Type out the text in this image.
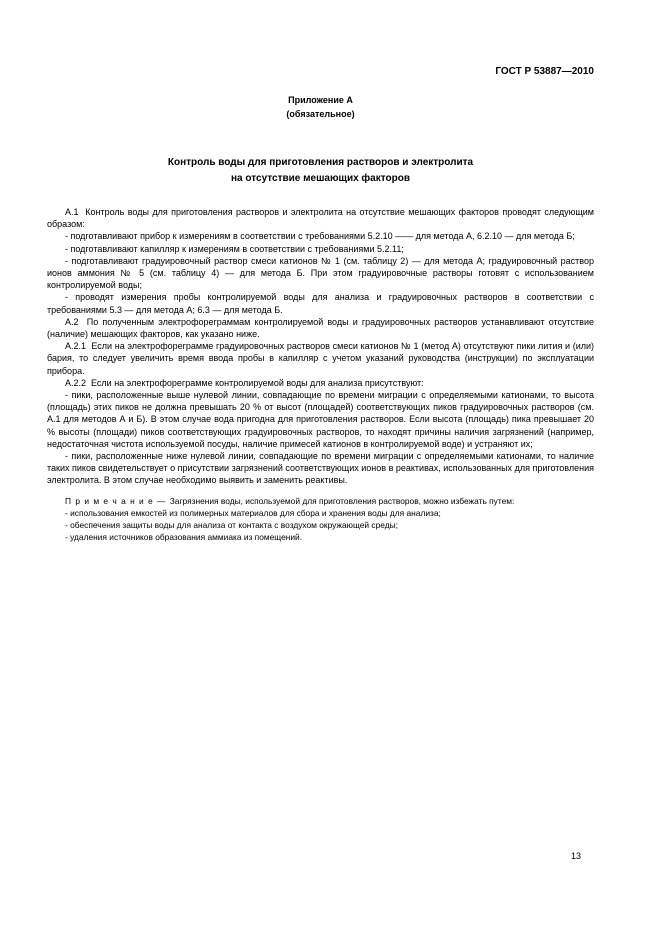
ГОСТ Р 53887—2010
Приложение А
(обязательное)
Контроль воды для приготовления растворов и электролита
на отсутствие мешающих факторов

А.1  Контроль воды для приготовления растворов и электролита на отсутствие мешающих факторов проводят следующим образом:

- подготавливают прибор к измерениям в соответствии с требованиями 5.2.10 —— для метода А, 6.2.10 — для метода Б;

- подготавливают капилляр к измерениям в соответствии с требованиями 5.2.11;

- подготавливают градуировочный раствор смеси катионов № 1 (см. таблицу 2) — для метода А; градуировочный раствор ионов аммония № 5 (см. таблицу 4) — для метода Б. При этом градуировочные растворы готовят с использованием контролируемой воды;

- проводят измерения пробы контролируемой воды для анализа и градуировочных растворов в соответствии с требованиями 5.3 — для метода А; 6.3 — для метода Б.

А.2  По полученным электрофореграммам контролируемой воды и градуировочных растворов устанавливают отсутствие (наличие) мешающих факторов, как указано ниже.

А.2.1  Если на электрофореграмме градуировочных растворов смеси катионов № 1 (метод А) отсутствуют пики лития и (или) бария, то следует увеличить время ввода пробы в капилляр с учетом указаний руководства (инструкции) по эксплуатации прибора.

А.2.2  Если на электрофореграмме контролируемой воды для анализа присутствуют:

- пики, расположенные выше нулевой линии, совпадающие по времени миграции с определяемыми катионами, то высота (площадь) этих пиков не должна превышать 20 % от высот (площадей) соответствующих пиков градуировочных растворов (см. А.1 для методов А и Б). В этом случае вода пригодна для приготовления растворов. Если высота (площадь) пика превышает 20 % высоты (площади) пиков соответствующих градуировочных растворов, то находят причины наличия загрязнений (например, недостаточная чистота используемой посуды, наличие примесей катионов в контролируемой воде) и устраняют их;

- пики, расположенные ниже нулевой линии, совпадающие по времени миграции с определяемыми катионами, то наличие таких пиков свидетельствует о присутствии загрязнений соответствующих ионов в реактивах, использованных для приготовления электролита. В этом случае необходимо выявить и заменить реактивы.

П р и м е ч а н и е — Загрязнения воды, используемой для приготовления растворов, можно избежать путем:

- использования емкостей из полимерных материалов для сбора и хранения воды для анализа;

- обеспечения защиты воды для анализа от контакта с воздухом окружающей среды;

- удаления источников образования аммиака из помещений.

13
